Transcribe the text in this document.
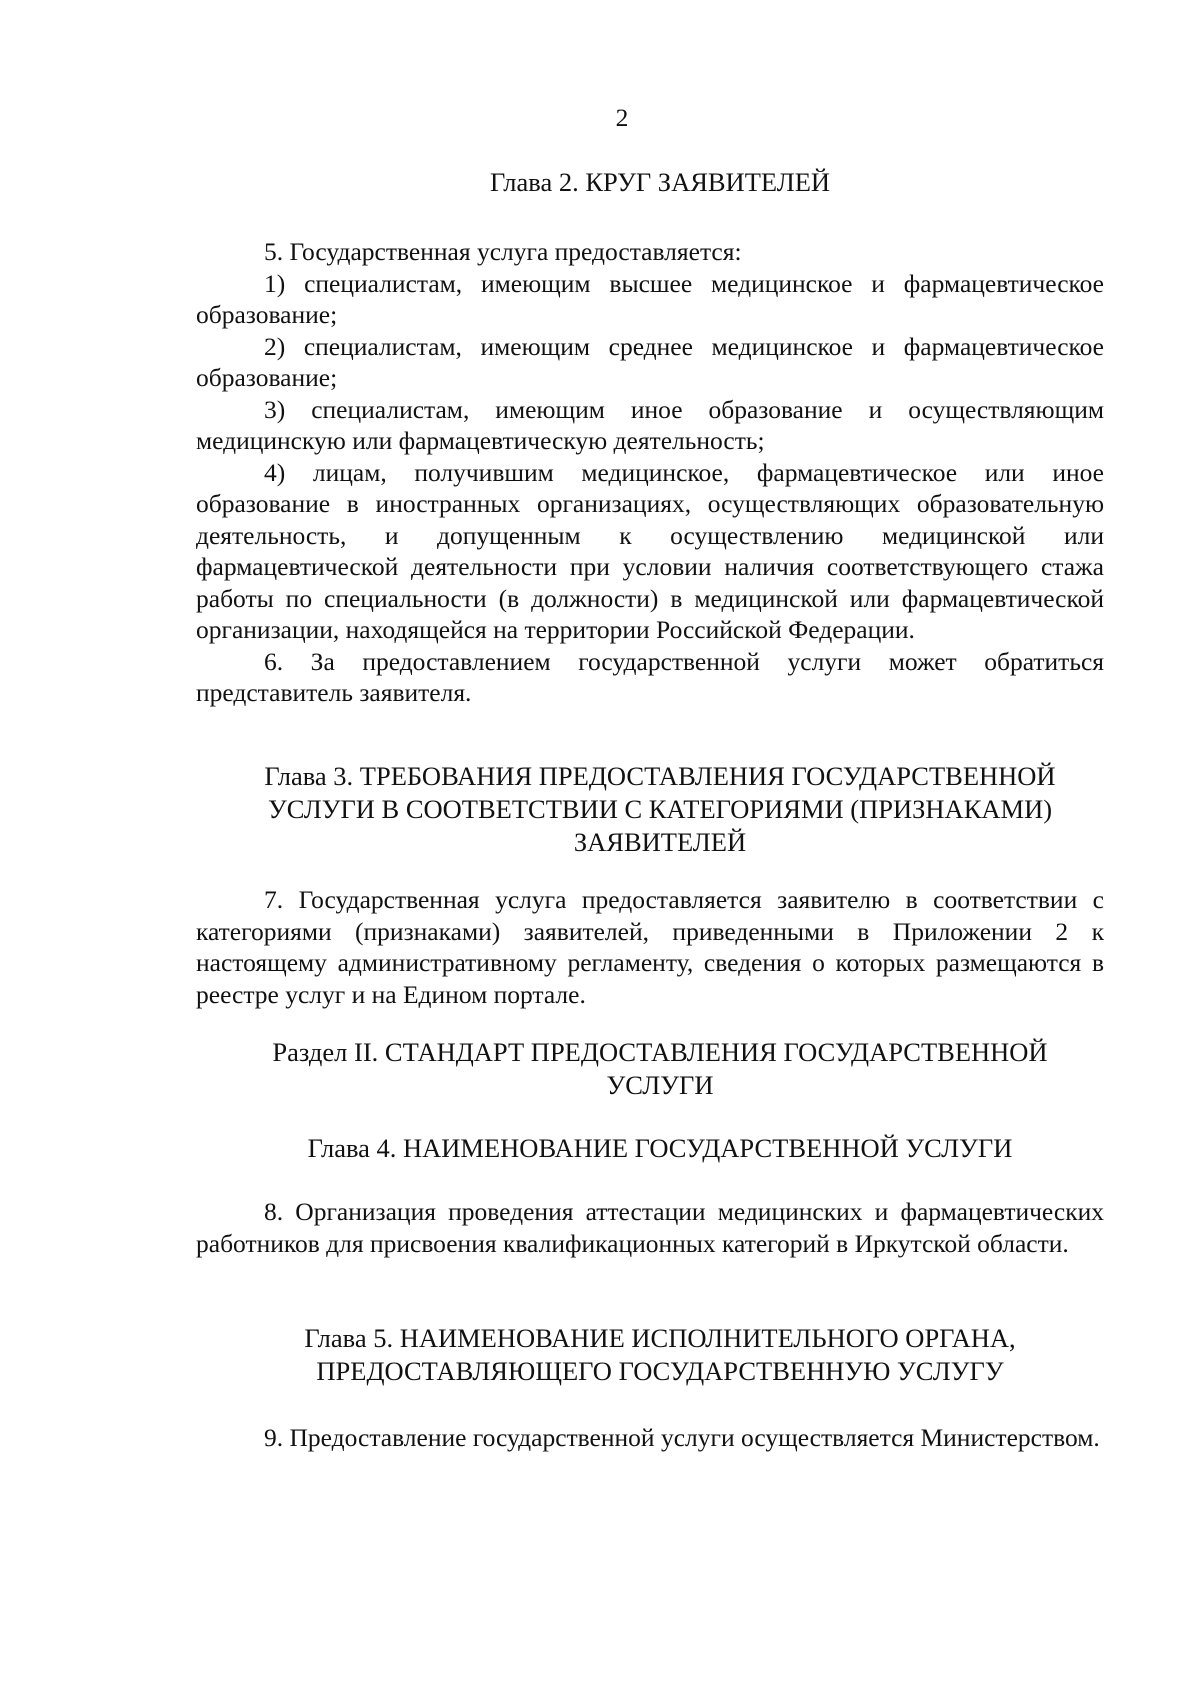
2
Глава 2. КРУГ ЗАЯВИТЕЛЕЙ

5. Государственная услуга предоставляется:

1) специалистам, имеющим высшее медицинское и фармацевтическое образование;

2) специалистам, имеющим среднее медицинское и фармацевтическое образование;

3) специалистам, имеющим иное образование и осуществляющим медицинскую или фармацевтическую деятельность;

4) лицам, получившим медицинское, фармацевтическое или иное образование в иностранных организациях, осуществляющих образовательную деятельность, и допущенным к осуществлению медицинской или фармацевтической деятельности при условии наличия соответствующего стажа работы по специальности (в должности) в медицинской или фармацевтической организации, находящейся на территории Российской Федерации.

6. За предоставлением государственной услуги может обратиться представитель заявителя.

Глава 3. ТРЕБОВАНИЯ ПРЕДОСТАВЛЕНИЯ ГОСУДАРСТВЕННОЙ
УСЛУГИ В СООТВЕТСТВИИ С КАТЕГОРИЯМИ (ПРИЗНАКАМИ)
ЗАЯВИТЕЛЕЙ

7. Государственная услуга предоставляется заявителю в соответствии с категориями (признаками) заявителей, приведенными в Приложении 2 к настоящему административному регламенту, сведения о которых размещаются в реестре услуг и на Едином портале.

Раздел II. СТАНДАРТ ПРЕДОСТАВЛЕНИЯ ГОСУДАРСТВЕННОЙ
УСЛУГИ
Глава 4. НАИМЕНОВАНИЕ ГОСУДАРСТВЕННОЙ УСЛУГИ

8. Организация проведения аттестации медицинских и фармацевтических работников для присвоения квалификационных категорий в Иркутской области.

Глава 5. НАИМЕНОВАНИЕ ИСПОЛНИТЕЛЬНОГО ОРГАНА,
ПРЕДОСТАВЛЯЮЩЕГО ГОСУДАРСТВЕННУЮ УСЛУГУ

9. Предоставление государственной услуги осуществляется Министерством.
